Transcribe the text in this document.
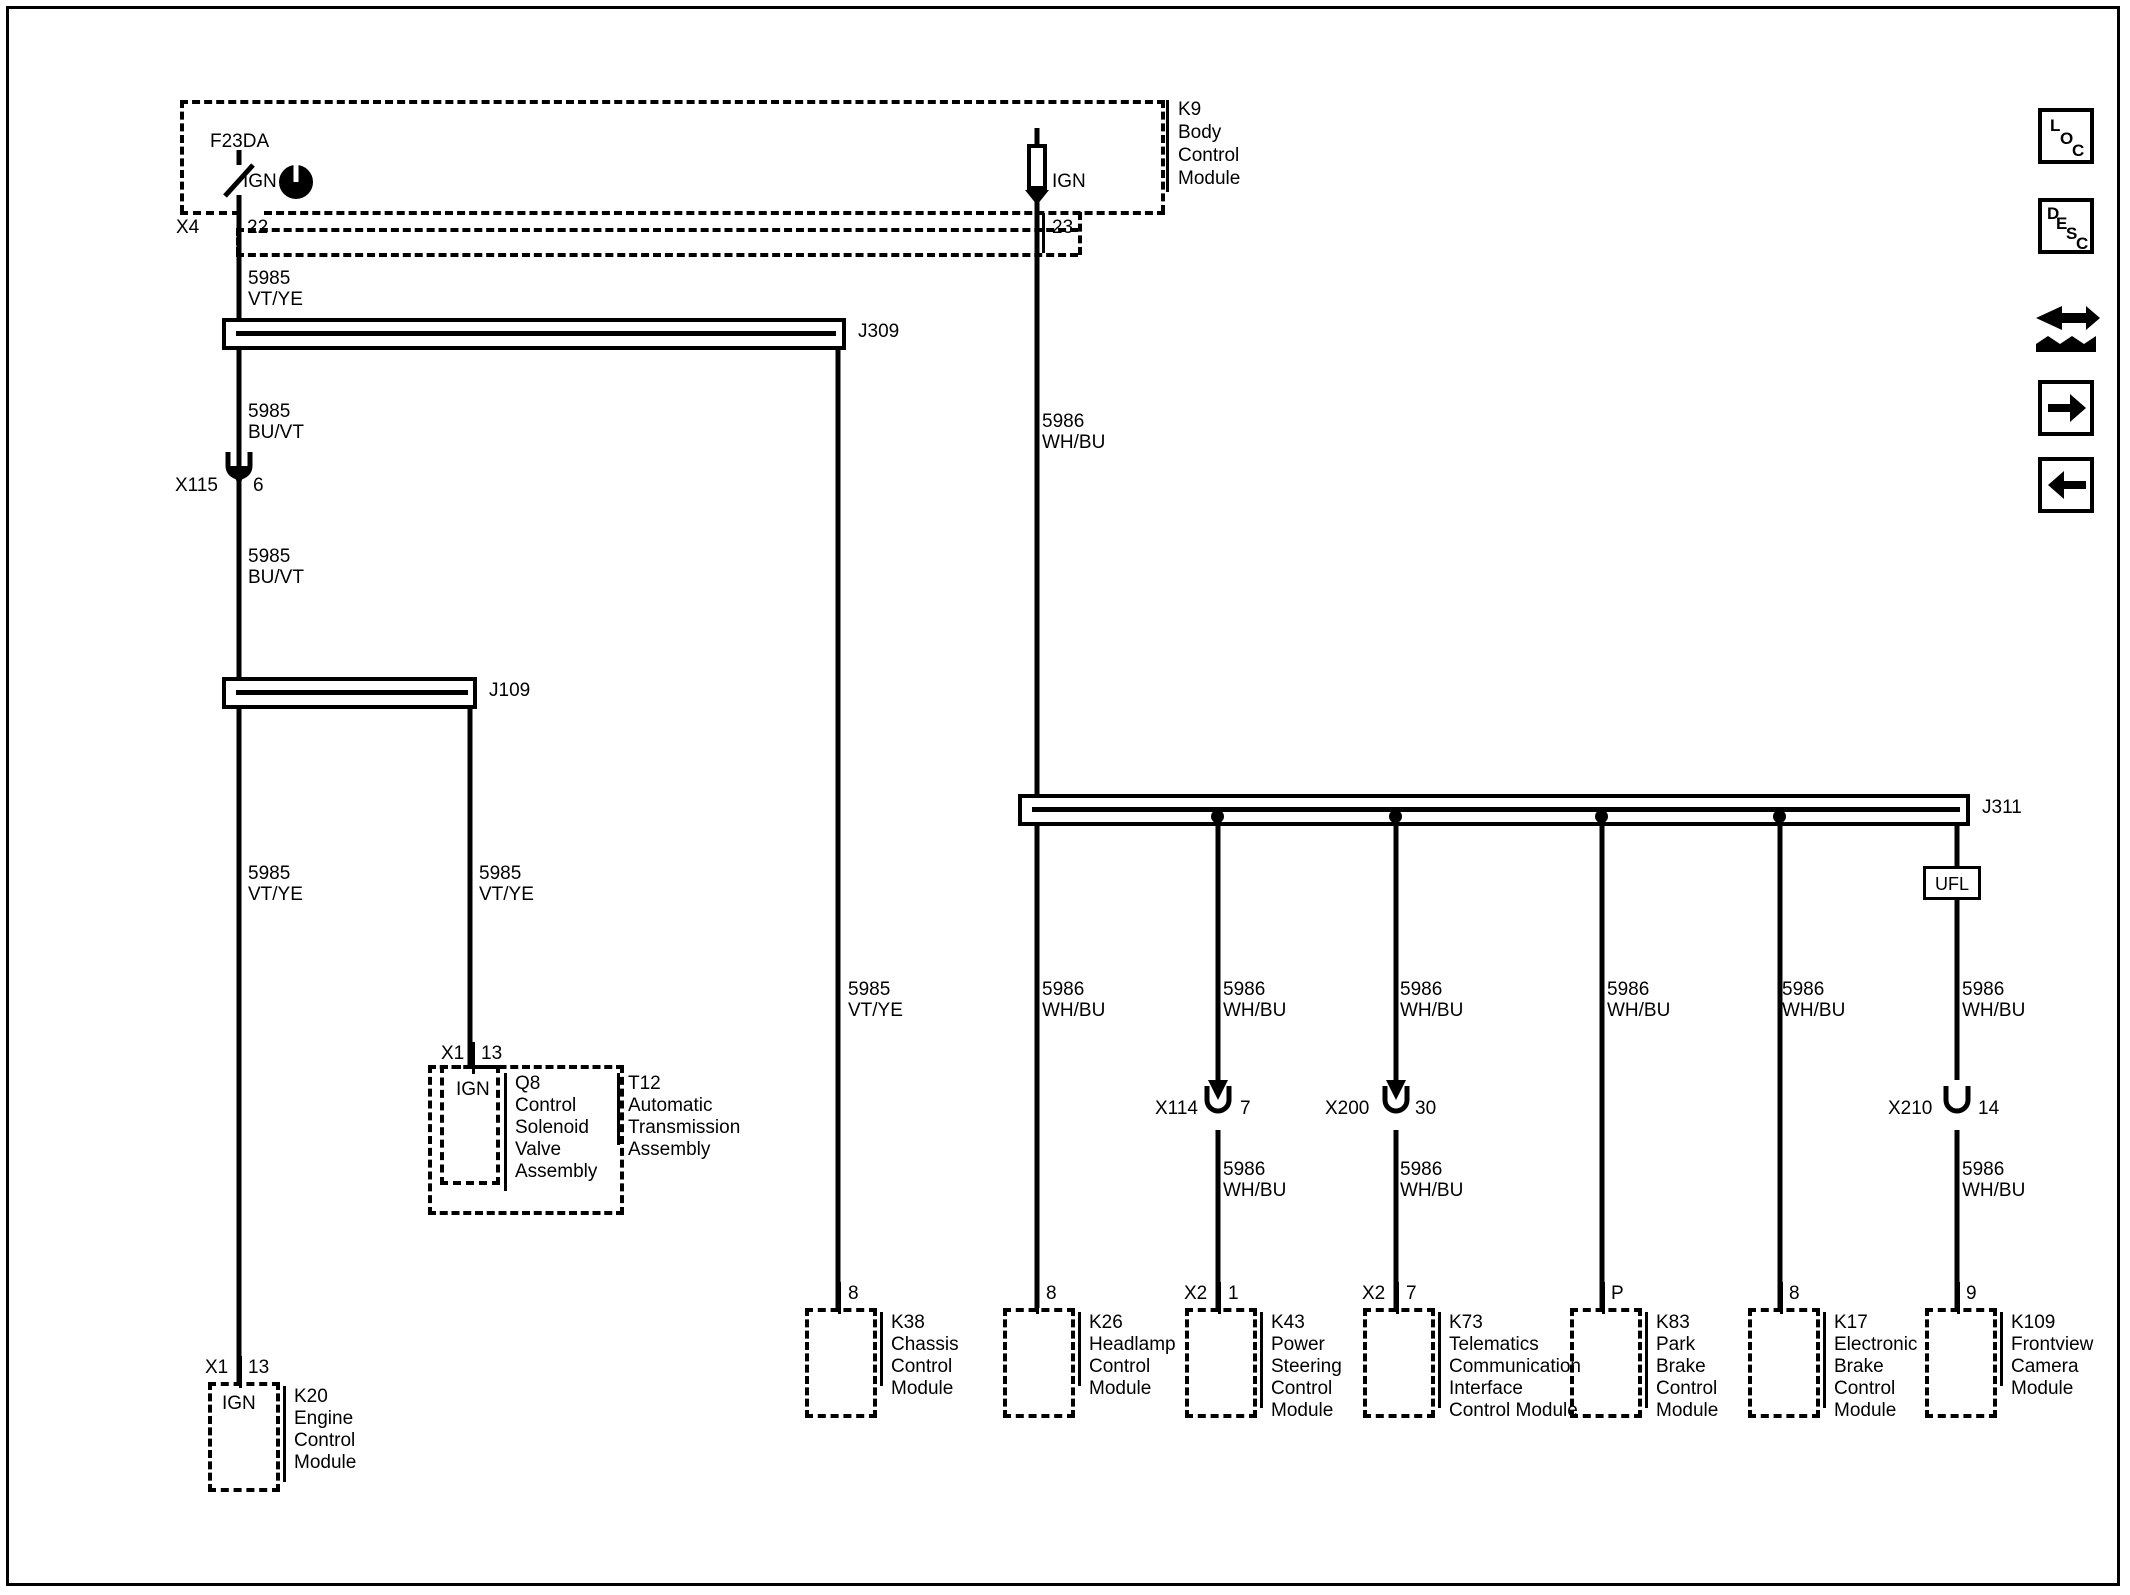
K9
Body
Control
Module
F23DA
IGN	IGN
X4	22	23
5985
VT/YE
5985
BU/VT
X115 6
5985
BU/VT
5985
VT/YE
5985
VT/YE
5985
VT/YE
5986
WH/BU
5986
WH/BU
5986
WH/BU
5986
WH/BU
5986
WH/BU
5986
WH/BU
5986
WH/BU
5986
WH/BU
5986
WH/BU
5986
WH/BU
J309
J109
J311
UFL
X1 13
IGN Q8
Control
Solenoid
Valve
Assembly
T12
Automatic
Transmission
Assembly
X1 13
IGN K20
Engine
Control
Module
8
K38
Chassis
Control
Module
8
K26
Headlamp
Control
Module
X2 1
K43
Power
Steering
Control
Module
X2 7
K73
Telematics
Communication
Interface
Control Module
P
K83
Park
Brake
Control
Module
8
K17
Electronic
Brake
Control
Module
9
K109
Frontview
Camera
Module
X114 7	X200 30	X210 14
L
O
C
D
E
S
C
